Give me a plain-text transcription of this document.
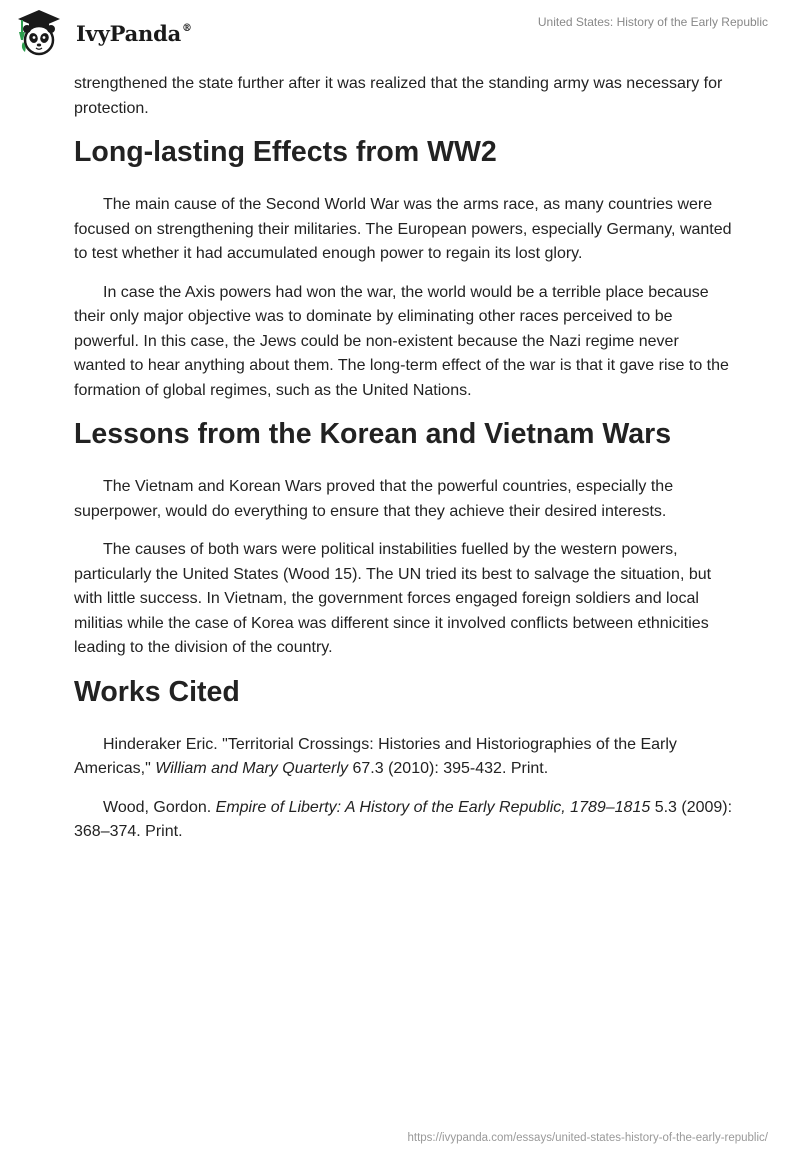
IvyPanda®	United States: History of the Early Republic

strengthened the state further after it was realized that the standing army was necessary for protection.

Long-lasting Effects from WW2

The main cause of the Second World War was the arms race, as many countries were focused on strengthening their militaries. The European powers, especially Germany, wanted to test whether it had accumulated enough power to regain its lost glory.

In case the Axis powers had won the war, the world would be a terrible place because their only major objective was to dominate by eliminating other races perceived to be powerful. In this case, the Jews could be non-existent because the Nazi regime never wanted to hear anything about them. The long-term effect of the war is that it gave rise to the formation of global regimes, such as the United Nations.

Lessons from the Korean and Vietnam Wars

The Vietnam and Korean Wars proved that the powerful countries, especially the superpower, would do everything to ensure that they achieve their desired interests.

The causes of both wars were political instabilities fuelled by the western powers, particularly the United States (Wood 15). The UN tried its best to salvage the situation, but with little success. In Vietnam, the government forces engaged foreign soldiers and local militias while the case of Korea was different since it involved conflicts between ethnicities leading to the division of the country.

Works Cited

Hinderaker Eric. "Territorial Crossings: Histories and Historiographies of the Early Americas," William and Mary Quarterly 67.3 (2010): 395-432. Print.

Wood, Gordon. Empire of Liberty: A History of the Early Republic, 1789–1815 5.3 (2009): 368–374. Print.

https://ivypanda.com/essays/united-states-history-of-the-early-republic/
